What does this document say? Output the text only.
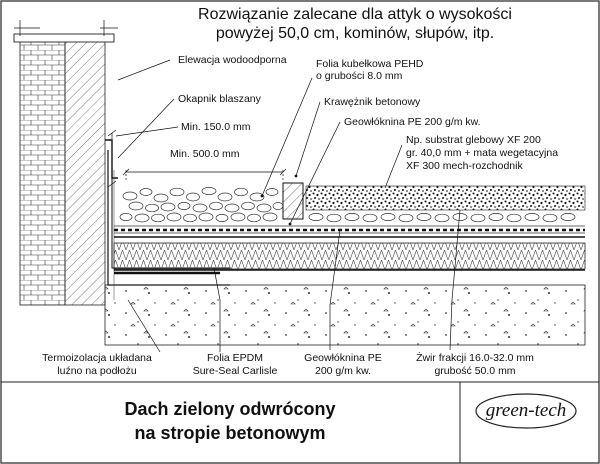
Rozwiązanie zalecane dla attyk o wysokości
powyżej 50,0 cm, kominów, słupów, itp.
Elewacja wodoodporna
Okapnik blaszany
Min. 150.0 mm
Min. 500.0 mm
Folia kubełkowa PEHD
o grubości 8.0 mm
Krawężnik betonowy
Geowłóknina PE 200 g/m kw.
Np. substrat glebowy XF 200
gr. 40,0 mm + mata wegetacyjna
XF 300 mech-rozchodnik
Termoizolacja układana
luźno na podłożu
Folia EPDM
Sure-Seal Carlisle
Geowłóknina PE
200 g/m kw.
Żwir frakcji 16.0-32.0 mm
grubość 50.0 mm
Dach zielony odwrócony
na stropie betonowym
green-tech
